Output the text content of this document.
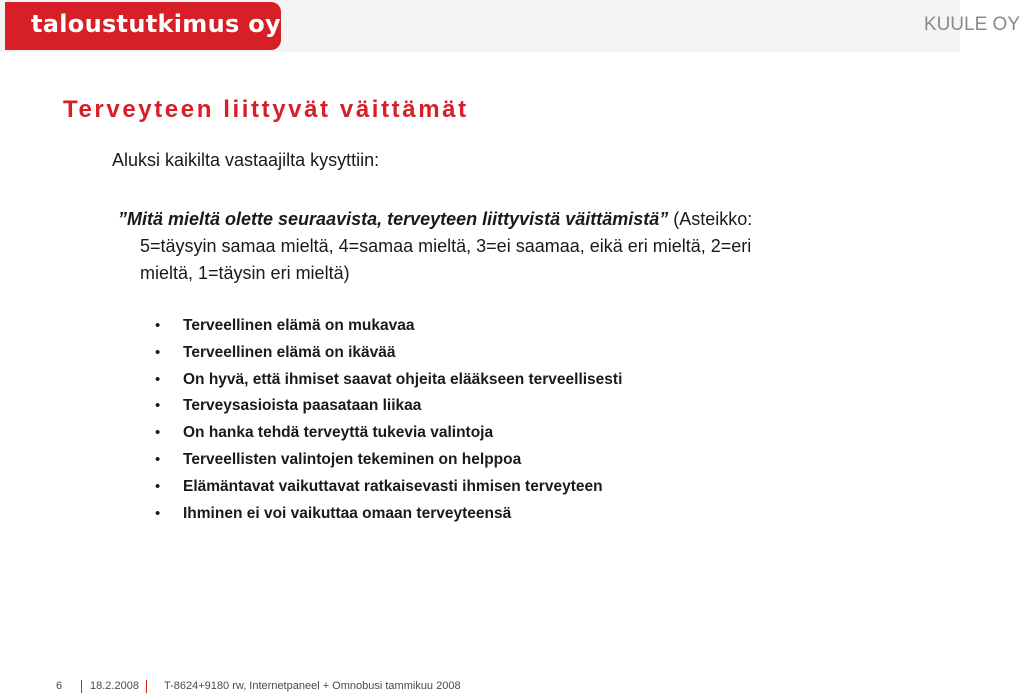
taloustutkimus oy	KUULE OY
Terveyteen liittyvät väittämät
Aluksi kaikilta vastaajilta kysyttiin:
”Mitä mieltä olette seuraavista, terveyteen liittyvistä väittämistä” (Asteikko:
5=täysyin samaa mieltä, 4=samaa mieltä, 3=ei saamaa, eikä eri mieltä, 2=eri
mieltä, 1=täysin eri mieltä)
• Terveellinen elämä on mukavaa
• Terveellinen elämä on ikävää
• On hyvä, että ihmiset saavat ohjeita elääkseen terveellisesti
• Terveysasioista paasataan liikaa
• On hanka tehdä terveyttä tukevia valintoja
• Terveellisten valintojen tekeminen on helppoa
• Elämäntavat vaikuttavat ratkaisevasti ihmisen terveyteen
• Ihminen ei voi vaikuttaa omaan terveyteensä
6	18.2.2008 T-8624+9180 rw, Internetpaneel + Omnobusi tammikuu 2008
